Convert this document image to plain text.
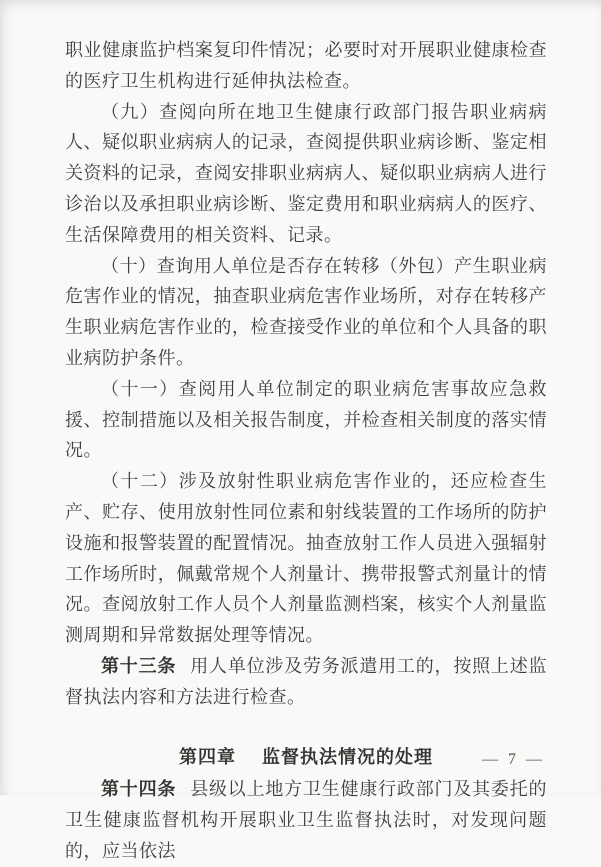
职业健康监护档案复印件情况；必要时对开展职业健康检查的医疗卫生机构进行延伸执法检查。

（九）查阅向所在地卫生健康行政部门报告职业病病人、疑似职业病病人的记录，查阅提供职业病诊断、鉴定相关资料的记录，查阅安排职业病病人、疑似职业病病人进行诊治以及承担职业病诊断、鉴定费用和职业病病人的医疗、生活保障费用的相关资料、记录。

（十）查询用人单位是否存在转移（外包）产生职业病危害作业的情况，抽查职业病危害作业场所，对存在转移产生职业病危害作业的，检查接受作业的单位和个人具备的职业病防护条件。

（十一）查阅用人单位制定的职业病危害事故应急救援、控制措施以及相关报告制度，并检查相关制度的落实情况。

（十二）涉及放射性职业病危害作业的，还应检查生产、贮存、使用放射性同位素和射线装置的工作场所的防护设施和报警装置的配置情况。抽查放射工作人员进入强辐射工作场所时，佩戴常规个人剂量计、携带报警式剂量计的情况。查阅放射工作人员个人剂量监测档案，核实个人剂量监测周期和异常数据处理等情况。

第十三条 用人单位涉及劳务派遣用工的，按照上述监督执法内容和方法进行检查。

第四章 监督执法情况的处理

第十四条 县级以上地方卫生健康行政部门及其委托的卫生健康监督机构开展职业卫生监督执法时，对发现问题的，应当依法

— 7 —
